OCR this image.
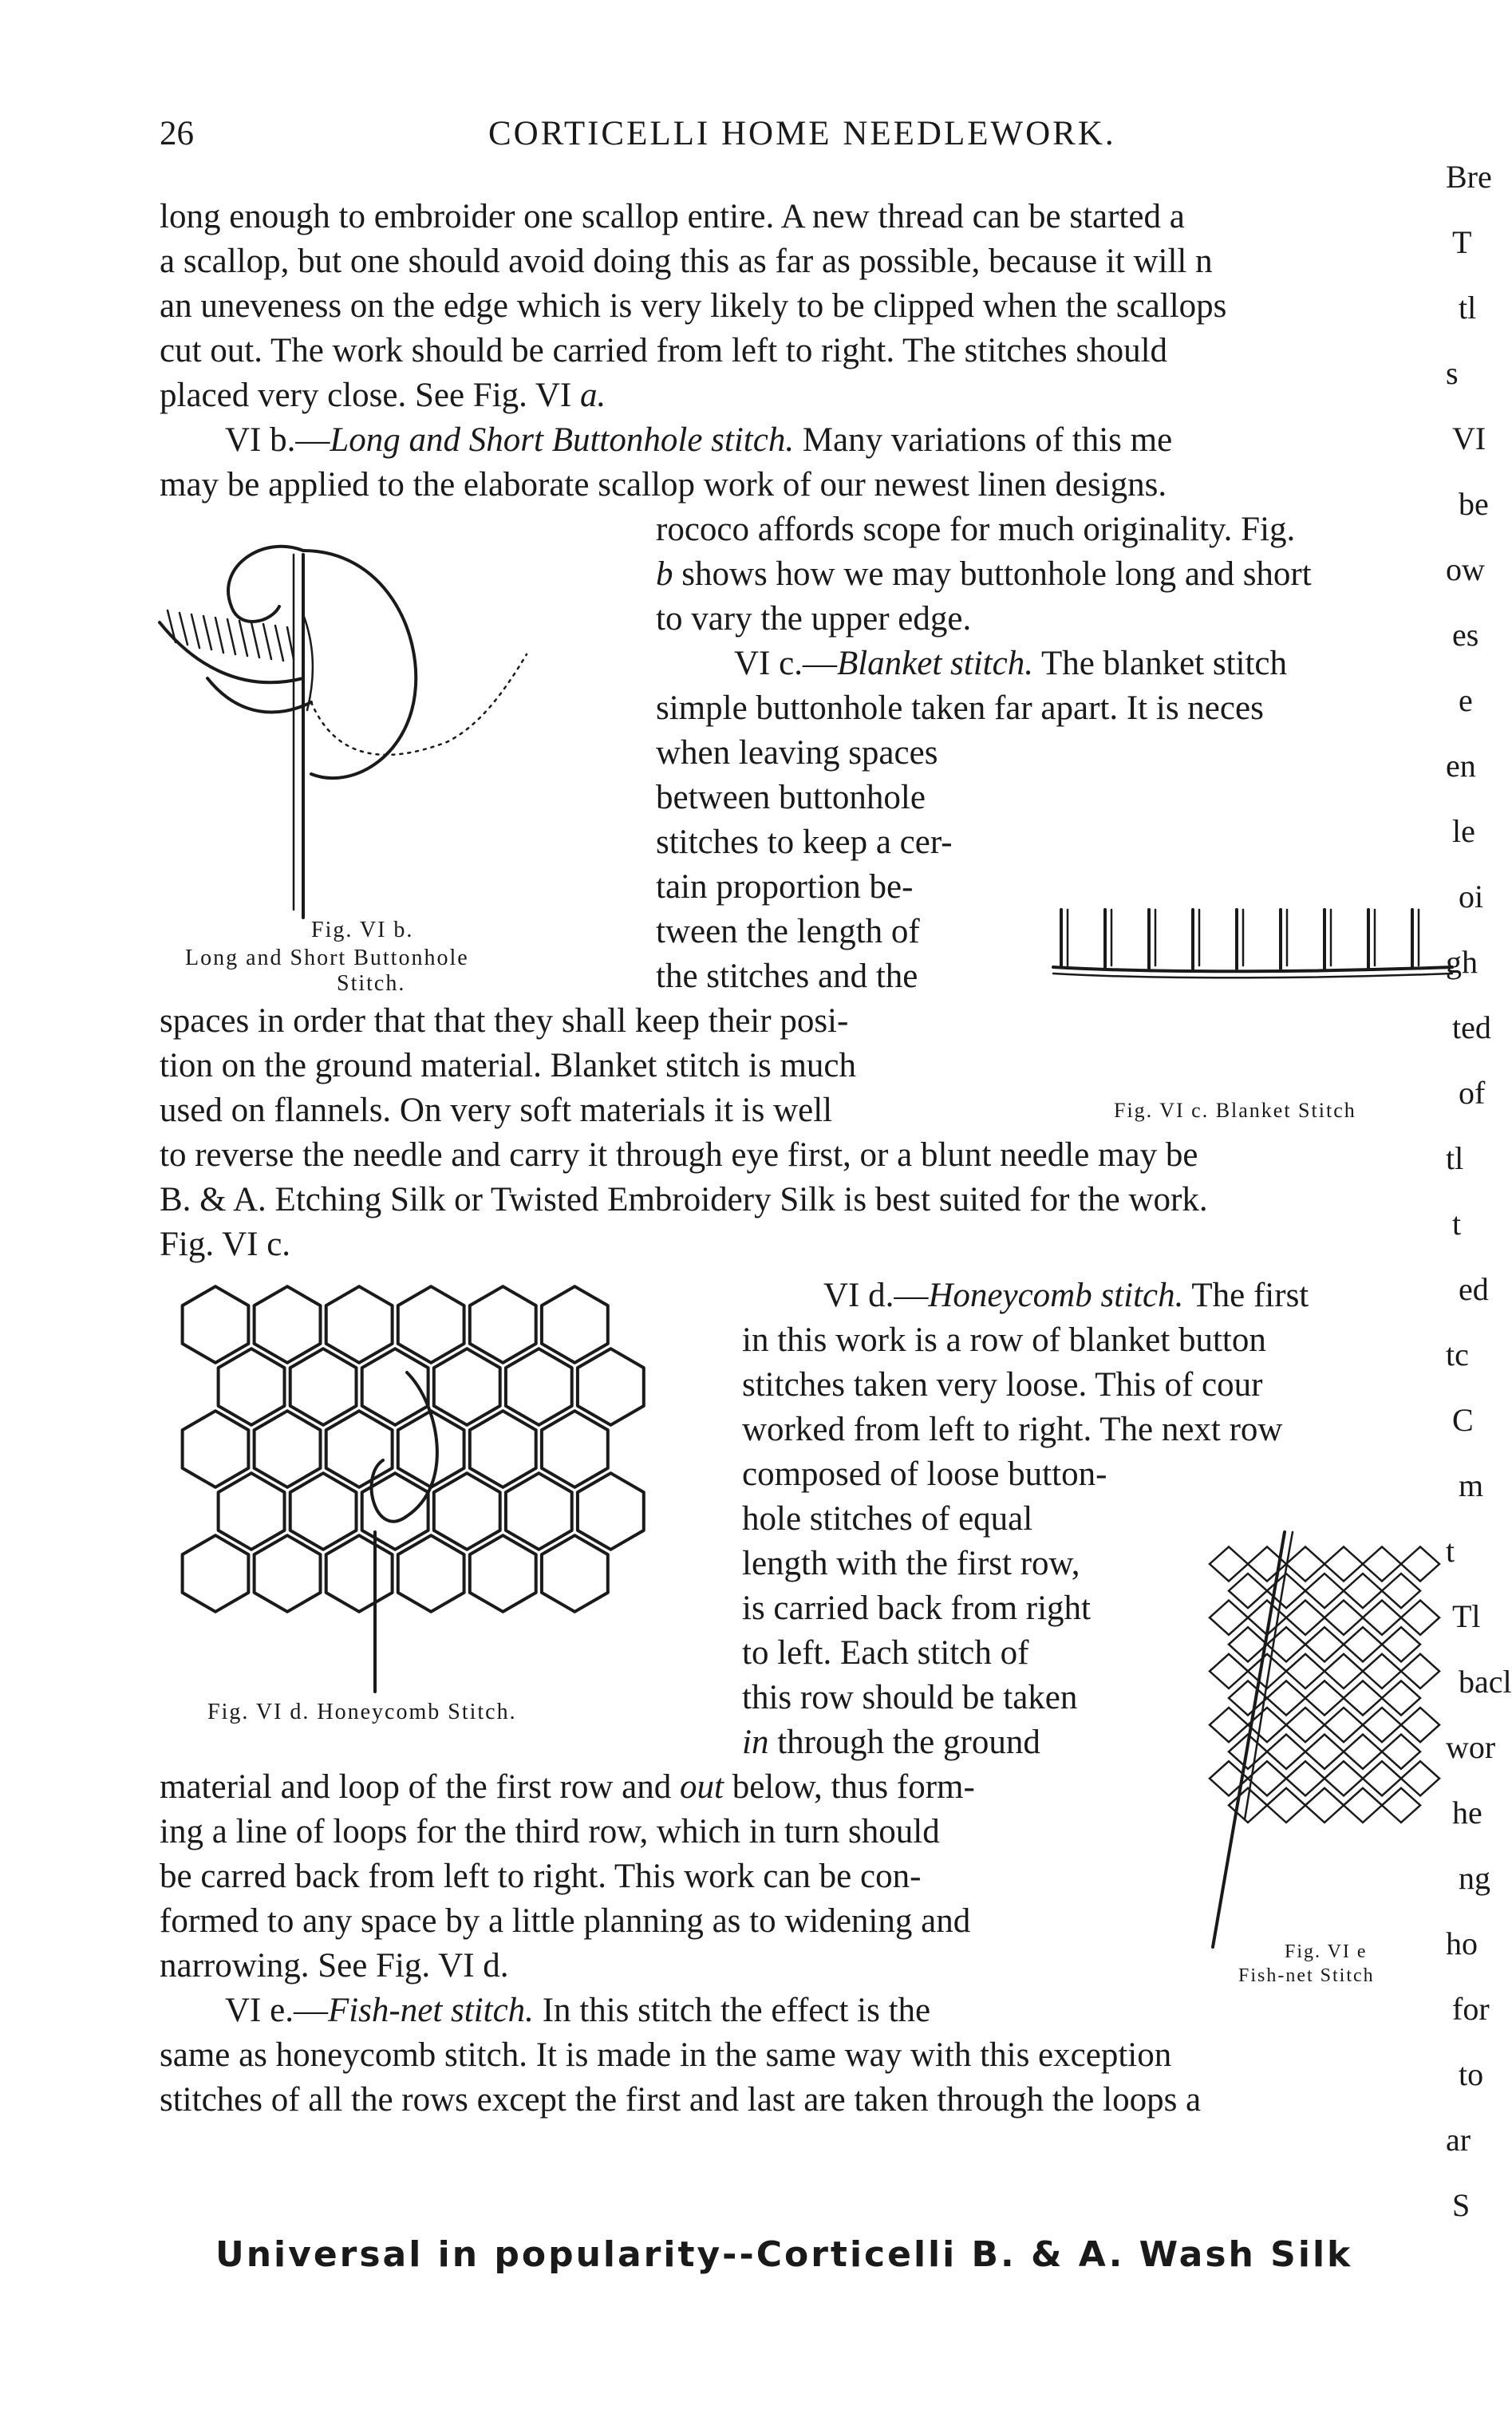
26	CORTICELLI HOME NEEDLEWORK.
long enough to embroider one scallop entire. A new thread can be started a
a scallop, but one should avoid doing this as far as possible, because it will n
an uneveness on the edge which is very likely to be clipped when the scallops
cut out. The work should be carried from left to right. The stitches should
placed very close. See Fig. VI a.
VI b.—Long and Short Buttonhole stitch. Many variations of this me
may be applied to the elaborate scallop work of our newest linen designs.
rococo affords scope for much originality. Fig.
b shows how we may buttonhole long and short
to vary the upper edge.
VI c.—Blanket stitch. The blanket stitch
simple buttonhole taken far apart. It is neces
when leaving spaces
between buttonhole
stitches to keep a cer-
tain proportion be-
tween the length of
the stitches and the
spaces in order that that they shall keep their posi-
tion on the ground material. Blanket stitch is much
used on flannels. On very soft materials it is well
to reverse the needle and carry it through eye first, or a blunt needle may be
B. & A. Etching Silk or Twisted Embroidery Silk is best suited for the work.
Fig. VI c.
VI d.—Honeycomb stitch. The first
in this work is a row of blanket button
stitches taken very loose. This of cour
worked from left to right. The next row
composed of loose button-
hole stitches of equal
length with the first row,
is carried back from right
to left. Each stitch of
this row should be taken
in through the ground
material and loop of the first row and out below, thus form-
ing a line of loops for the third row, which in turn should
be carred back from left to right. This work can be con-
formed to any space by a little planning as to widening and
narrowing. See Fig. VI d.
VI e.—Fish-net stitch. In this stitch the effect is the
same as honeycomb stitch. It is made in the same way with this exception
stitches of all the rows except the first and last are taken through the loops a
Fig. VI b.
Long and Short Buttonhole
Stitch.
Fig. VI c. Blanket Stitch
Fig. VI d. Honeycomb Stitch.
Fig. VI e
Fish-net Stitch
Universal in popularity--Corticelli B. & A. Wash Silk
Bre
T
tl
s
VI
be
ow
es
e
en
le
oi
gh
ted
of
tl
t
ed
tc
C
m
t
Tl
bacl
wor
he
ng
ho
for
to
ar
S
